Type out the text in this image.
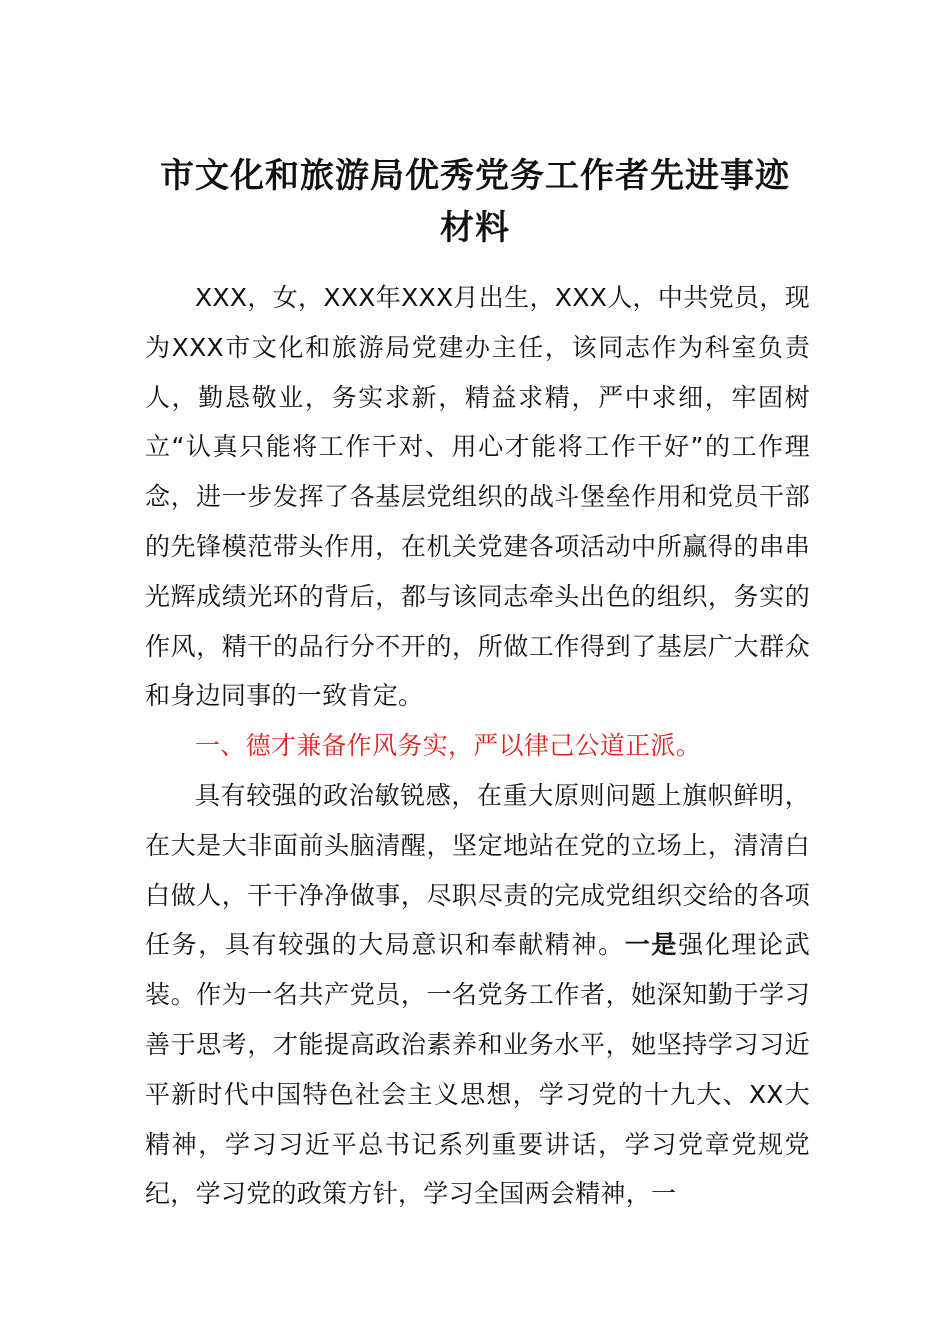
市文化和旅游局优秀党务工作者先进事迹材料

XXX，女，XXX年XXX月出生，XXX人，中共党员，现为XXX市文化和旅游局党建办主任，该同志作为科室负责人，勤恳敬业，务实求新，精益求精，严中求细，牢固树立“认真只能将工作干对、用心才能将工作干好”的工作理念，进一步发挥了各基层党组织的战斗堡垒作用和党员干部的先锋模范带头作用，在机关党建各项活动中所赢得的串串光辉成绩光环的背后，都与该同志牵头出色的组织，务实的作风，精干的品行分不开的，所做工作得到了基层广大群众和身边同事的一致肯定。

一、德才兼备作风务实，严以律己公道正派。

具有较强的政治敏锐感，在重大原则问题上旗帜鲜明，在大是大非面前头脑清醒，坚定地站在党的立场上，清清白白做人，干干净净做事，尽职尽责的完成党组织交给的各项任务，具有较强的大局意识和奉献精神。一是强化理论武装。作为一名共产党员，一名党务工作者，她深知勤于学习善于思考，才能提高政治素养和业务水平，她坚持学习习近平新时代中国特色社会主义思想，学习党的十九大、XX大精神，学习习近平总书记系列重要讲话，学习党章党规党纪，学习党的政策方针，学习全国两会精神，一
